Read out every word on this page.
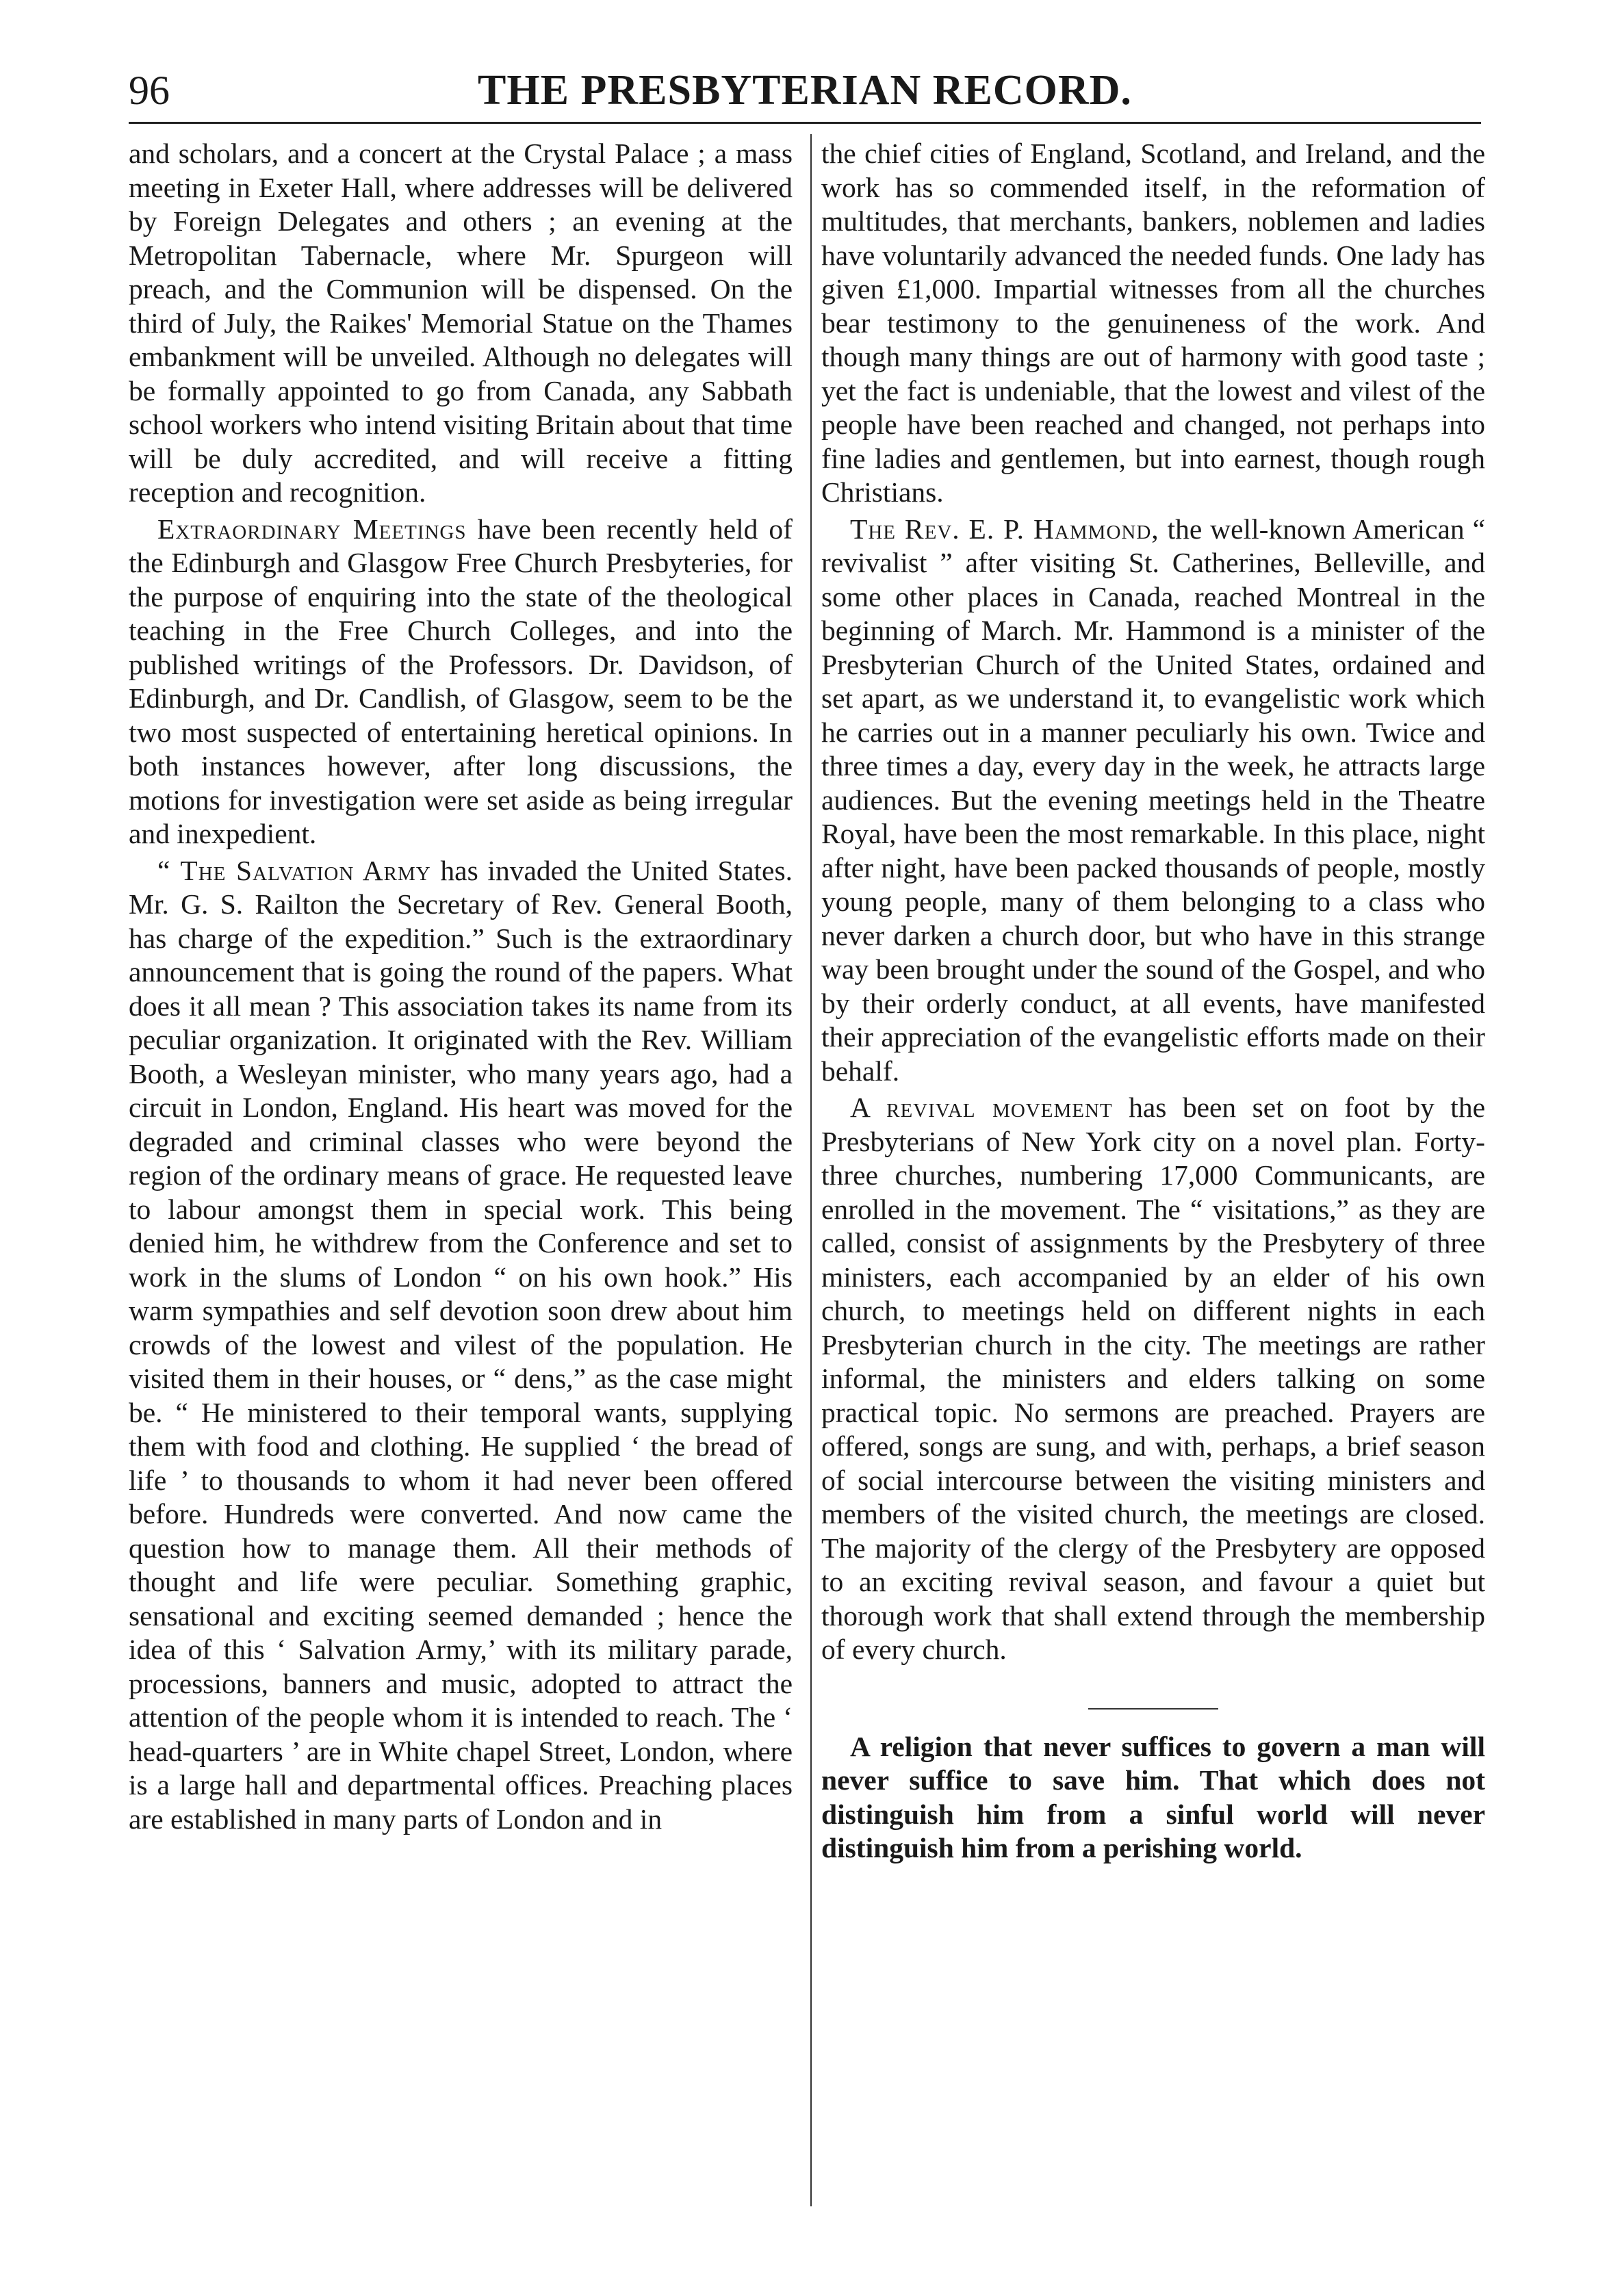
96	THE PRESBYTERIAN RECORD.

and scholars, and a concert at the Crystal Palace ; a mass meeting in Exeter Hall, where addresses will be delivered by Foreign Delegates and others ; an evening at the Metropolitan Tabernacle, where Mr. Spurgeon will preach, and the Communion will be dispensed. On the third of July, the Raikes' Memorial Statue on the Thames embankment will be unveiled. Although no delegates will be formally appointed to go from Canada, any Sabbath school workers who intend visiting Britain about that time will be duly accredited, and will receive a fitting reception and recognition.

Extraordinary Meetings have been recently held of the Edinburgh and Glasgow Free Church Presbyteries, for the purpose of enquiring into the state of the theological teaching in the Free Church Colleges, and into the published writings of the Professors. Dr. Davidson, of Edinburgh, and Dr. Candlish, of Glasgow, seem to be the two most suspected of entertaining heretical opinions. In both instances however, after long discussions, the motions for investigation were set aside as being irregular and inexpedient.

“ The Salvation Army has invaded the United States. Mr. G. S. Railton the Secretary of Rev. General Booth, has charge of the expedition.” Such is the extraordinary announcement that is going the round of the papers. What does it all mean ? This association takes its name from its peculiar organization. It originated with the Rev. William Booth, a Wesleyan minister, who many years ago, had a circuit in London, England. His heart was moved for the degraded and criminal classes who were beyond the region of the ordinary means of grace. He requested leave to labour amongst them in special work. This being denied him, he withdrew from the Conference and set to work in the slums of London “ on his own hook.” His warm sympathies and self devotion soon drew about him crowds of the lowest and vilest of the population. He visited them in their houses, or “ dens,” as the case might be. “ He ministered to their temporal wants, supplying them with food and clothing. He supplied ‘ the bread of life ’ to thousands to whom it had never been offered before. Hundreds were converted. And now came the question how to manage them. All their methods of thought and life were peculiar. Something graphic, sensational and exciting seemed demanded ; hence the idea of this ‘ Salvation Army,’ with its military parade, processions, banners and music, adopted to attract the attention of the people whom it is intended to reach. The ‘ head-quarters ’ are in White chapel Street, London, where is a large hall and departmental offices. Preaching places are established in many parts of London and in

the chief cities of England, Scotland, and Ireland, and the work has so commended itself, in the reformation of multitudes, that merchants, bankers, noblemen and ladies have voluntarily advanced the needed funds. One lady has given £1,000. Impartial witnesses from all the churches bear testimony to the genuineness of the work. And though many things are out of harmony with good taste ; yet the fact is undeniable, that the lowest and vilest of the people have been reached and changed, not perhaps into fine ladies and gentlemen, but into earnest, though rough Christians.

The Rev. E. P. Hammond, the well-known American “ revivalist ” after visiting St. Catherines, Belleville, and some other places in Canada, reached Montreal in the beginning of March. Mr. Hammond is a minister of the Presbyterian Church of the United States, ordained and set apart, as we understand it, to evangelistic work which he carries out in a manner peculiarly his own. Twice and three times a day, every day in the week, he attracts large audiences. But the evening meetings held in the Theatre Royal, have been the most remarkable. In this place, night after night, have been packed thousands of people, mostly young people, many of them belonging to a class who never darken a church door, but who have in this strange way been brought under the sound of the Gospel, and who by their orderly conduct, at all events, have manifested their appreciation of the evangelistic efforts made on their behalf.

A revival movement has been set on foot by the Presbyterians of New York city on a novel plan. Forty-three churches, numbering 17,000 Communicants, are enrolled in the movement. The “ visitations,” as they are called, consist of assignments by the Presbytery of three ministers, each accompanied by an elder of his own church, to meetings held on different nights in each Presbyterian church in the city. The meetings are rather informal, the ministers and elders talking on some practical topic. No sermons are preached. Prayers are offered, songs are sung, and with, perhaps, a brief season of social intercourse between the visiting ministers and members of the visited church, the meetings are closed. The majority of the clergy of the Presbytery are opposed to an exciting revival season, and favour a quiet but thorough work that shall extend through the membership of every church.

A religion that never suffices to govern a man will never suffice to save him. That which does not distinguish him from a sinful world will never distinguish him from a perishing world.
